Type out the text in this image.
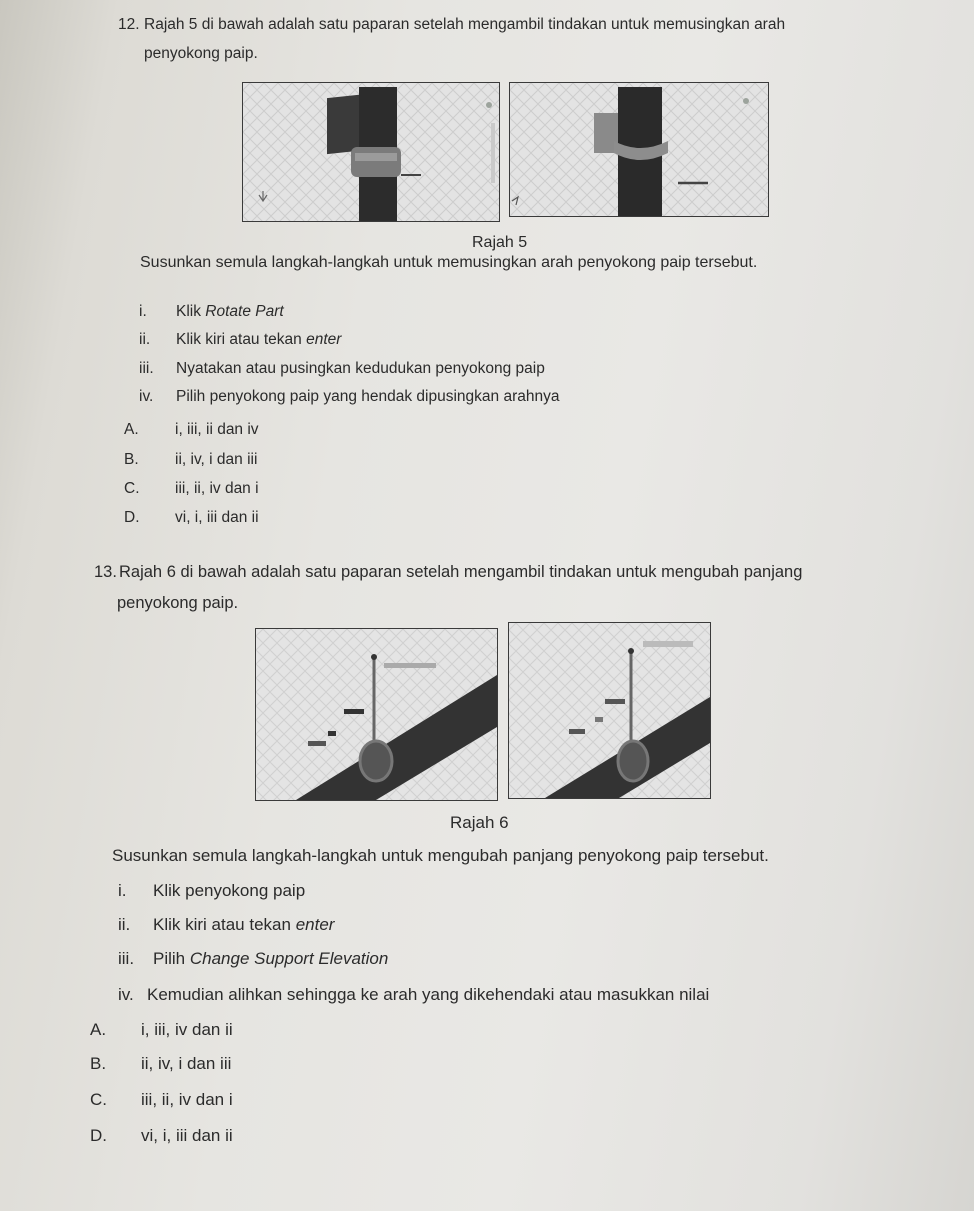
12. Rajah 5 di bawah adalah satu paparan setelah mengambil tindakan untuk memusingkan arah
penyokong paip.
Rajah 5
Susunkan semula langkah-langkah untuk memusingkan arah penyokong paip tersebut.
i. Klik Rotate Part
ii. Klik kiri atau tekan enter
iii. Nyatakan atau pusingkan kedudukan penyokong paip
iv. Pilih penyokong paip yang hendak dipusingkan arahnya
A. i, iii, ii dan iv
B. ii, iv, i dan iii
C. iii, ii, iv dan i
D. vi, i, iii dan ii
13. Rajah 6 di bawah adalah satu paparan setelah mengambil tindakan untuk mengubah panjang
penyokong paip.
Rajah 6
Susunkan semula langkah-langkah untuk mengubah panjang penyokong paip tersebut.
i. Klik penyokong paip
ii. Klik kiri atau tekan enter
iii. Pilih Change Support Elevation
iv. Kemudian alihkan sehingga ke arah yang dikehendaki atau masukkan nilai
A. i, iii, iv dan ii
B. ii, iv, i dan iii
C. iii, ii, iv dan i
D. vi, i, iii dan ii
